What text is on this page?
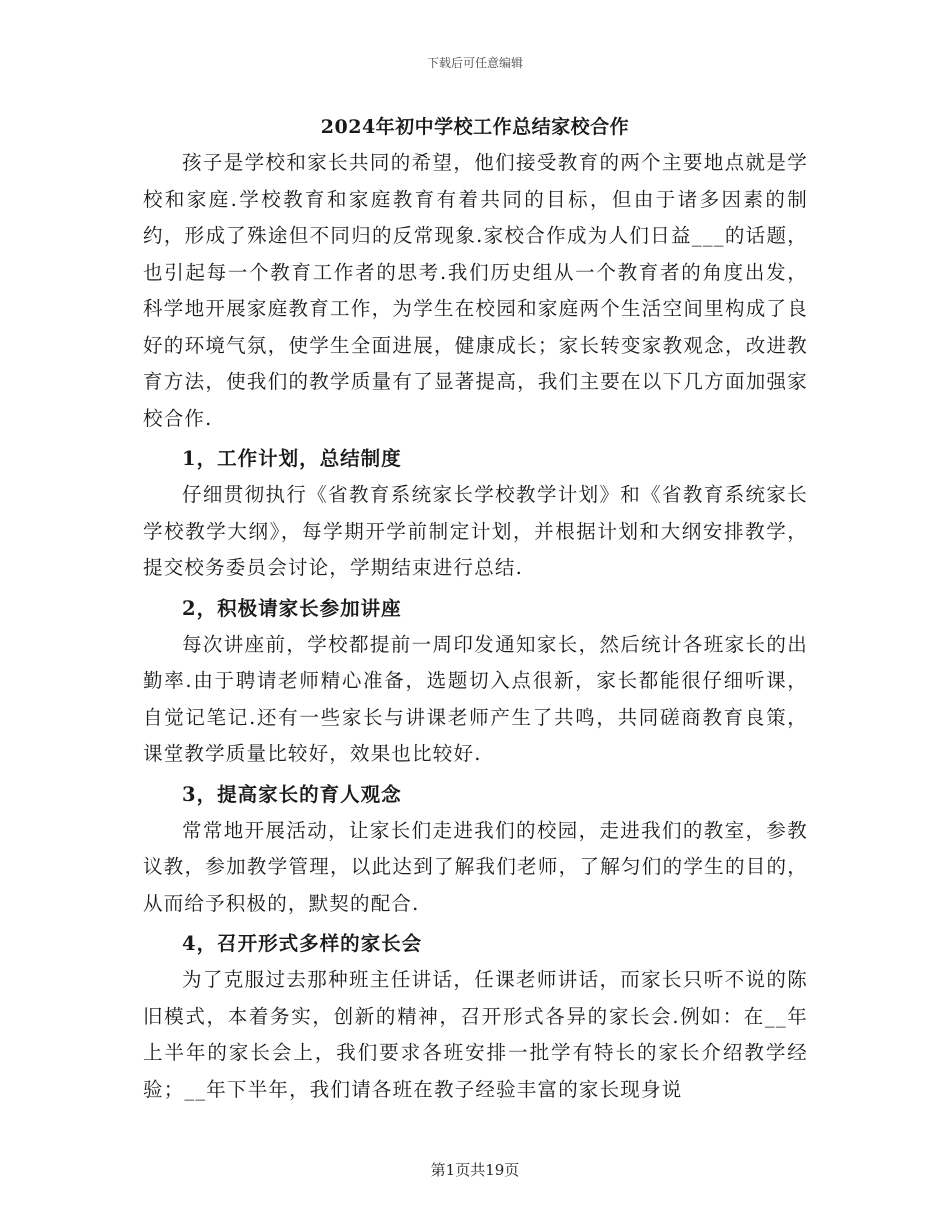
下载后可任意编辑
2024年初中学校工作总结家校合作

孩子是学校和家长共同的希望，他们接受教育的两个主要地点就是学校和家庭.学校教育和家庭教育有着共同的目标，但由于诸多因素的制约，形成了殊途但不同归的反常现象.家校合作成为人们日益___的话题，也引起每一个教育工作者的思考.我们历史组从一个教育者的角度出发，科学地开展家庭教育工作，为学生在校园和家庭两个生活空间里构成了良好的环境气氛，使学生全面进展，健康成长；家长转变家教观念，改进教育方法，使我们的教学质量有了显著提高，我们主要在以下几方面加强家校合作.

1，工作计划，总结制度

仔细贯彻执行《省教育系统家长学校教学计划》和《省教育系统家长学校教学大纲》，每学期开学前制定计划，并根据计划和大纲安排教学，提交校务委员会讨论，学期结束进行总结.

2，积极请家长参加讲座

每次讲座前，学校都提前一周印发通知家长，然后统计各班家长的出勤率.由于聘请老师精心准备，选题切入点很新，家长都能很仔细听课，自觉记笔记.还有一些家长与讲课老师产生了共鸣，共同磋商教育良策，课堂教学质量比较好，效果也比较好.

3，提高家长的育人观念

常常地开展活动，让家长们走进我们的校园，走进我们的教室，参教议教，参加教学管理，以此达到了解我们老师，了解匀们的学生的目的，从而给予积极的，默契的配合.

4，召开形式多样的家长会

为了克服过去那种班主任讲话，任课老师讲话，而家长只听不说的陈旧模式，本着务实，创新的精神，召开形式各异的家长会.例如：在__年上半年的家长会上，我们要求各班安排一批学有特长的家长介绍教学经验；__年下半年，我们请各班在教子经验丰富的家长现身说

第1页共19页
